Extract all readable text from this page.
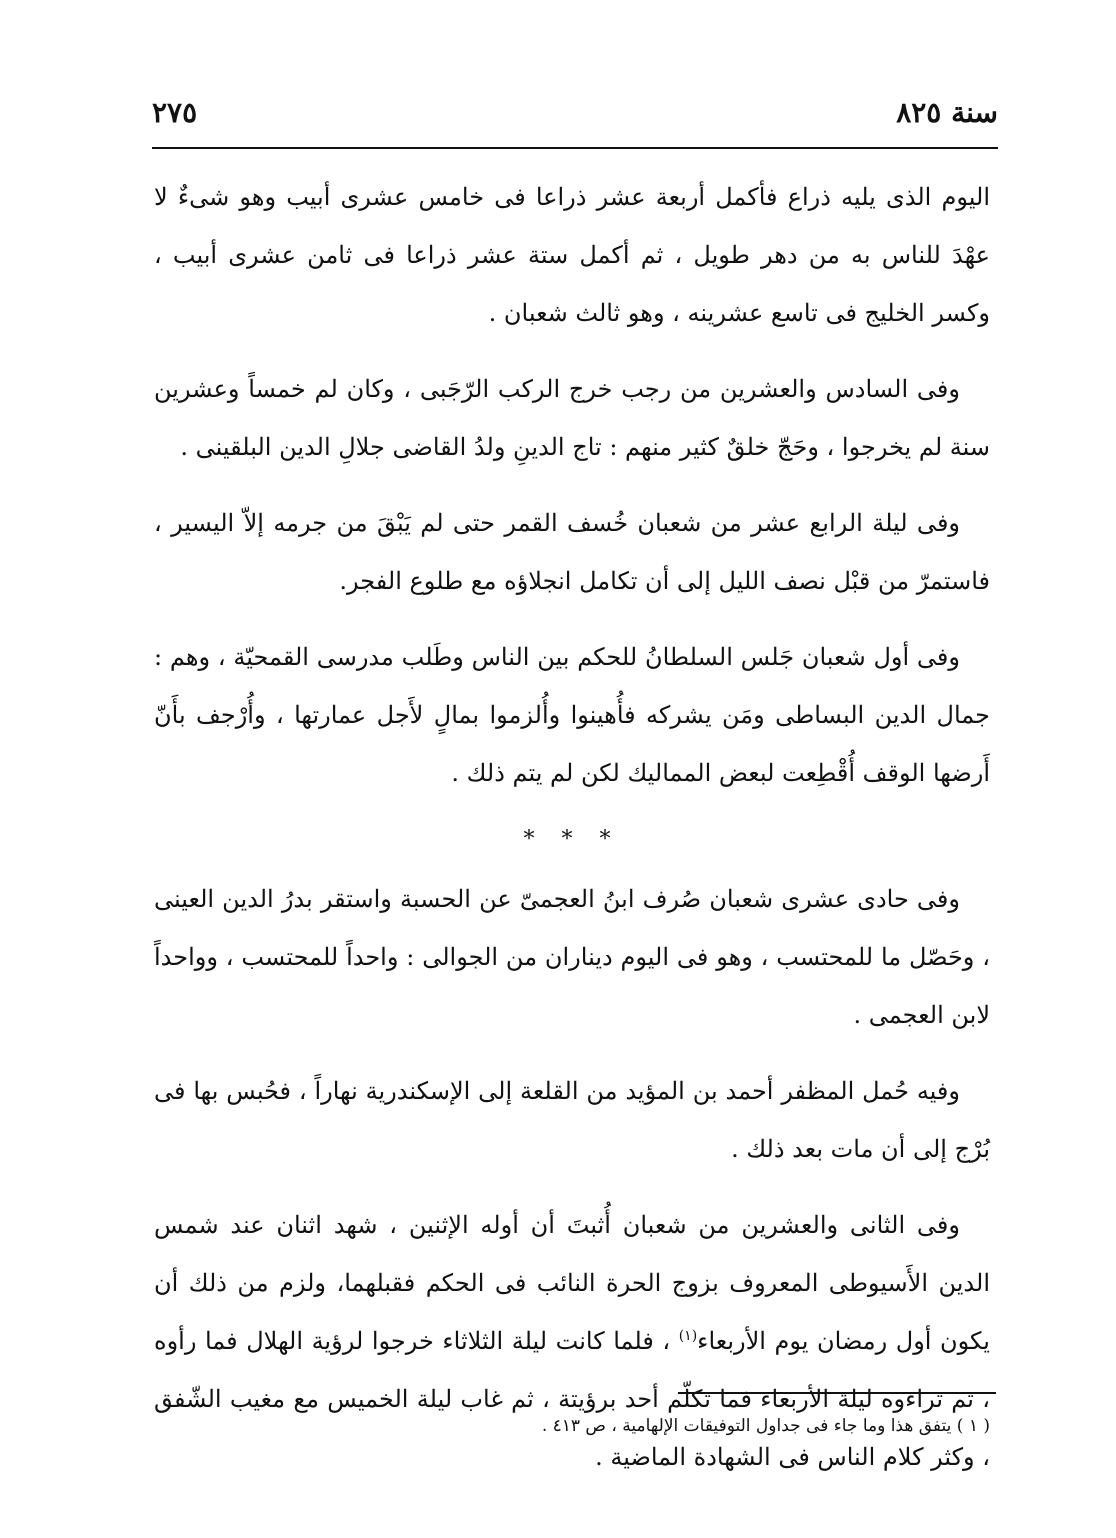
سنة ٨٢٥
٢٧٥

اليوم الذى يليه ذراع فأكمل أربعة عشر ذراعا فى خامس عشرى أبيب وهو شىءٌ لا عهْدَ للناس به من دهر طويل ، ثم أكمل ستة عشر ذراعا فى ثامن عشرى أبيب ، وكسر الخليج فى تاسع عشرينه ، وهو ثالث شعبان .

وفى السادس والعشرين من رجب خرج الركب الرّجَبى ، وكان لم خمساً وعشرين سنة لم يخرجوا ، وحَجّ خلقٌ كثير منهم : تاج الدينِ ولدُ القاضى جلالِ الدين البلقينى .

وفى ليلة الرابع عشر من شعبان خُسف القمر حتى لم يَبْقَ من جرمه إلاّ اليسير ، فاستمرّ من قبْل نصف الليل إلى أن تكامل انجلاؤه مع طلوع الفجر.

وفى أول شعبان جَلس السلطانُ للحكم بين الناس وطَلب مدرسى القمحيّة ، وهم : جمال الدين البساطى ومَن يشركه فأُهينوا وأُلزموا بمالٍ لأَجل عمارتها ، وأُرْجف بأَنّ أَرضها الوقف أُقْطِعت لبعض المماليك لكن لم يتم ذلك .

* * *

وفى حادى عشرى شعبان صُرف ابنُ العجمىّ عن الحسبة واستقر بدرُ الدين العينى ، وحَصّل ما للمحتسب ، وهو فى اليوم ديناران من الجوالى : واحداً للمحتسب ، وواحداً لابن العجمى .

وفيه حُمل المظفر أحمد بن المؤيد من القلعة إلى الإسكندرية نهاراً ، فحُبس بها فى بُرْج إلى أن مات بعد ذلك .

وفى الثانى والعشرين من شعبان أُثبتَ أن أوله الإثنين ، شهد اثنان عند شمس الدين الأَسيوطى المعروف بزوج الحرة النائب فى الحكم فقبلهما، ولزم من ذلك أن يكون أول رمضان يوم الأربعاء$^{(١)}$ ، فلما كانت ليلة الثلاثاء خرجوا لرؤية الهلال فما رأوه ، ثم تراءوه ليلة الأربعاء فما تكلّم أحد برؤيتة ، ثم غاب ليلة الخميس مع مغيب الشّفق ، وكثر كلام الناس فى الشهادة الماضية .

( ١ ) يتفق هذا وما جاء فى جداول التوفيقات الإلهامية ، ص ٤١٣ .
